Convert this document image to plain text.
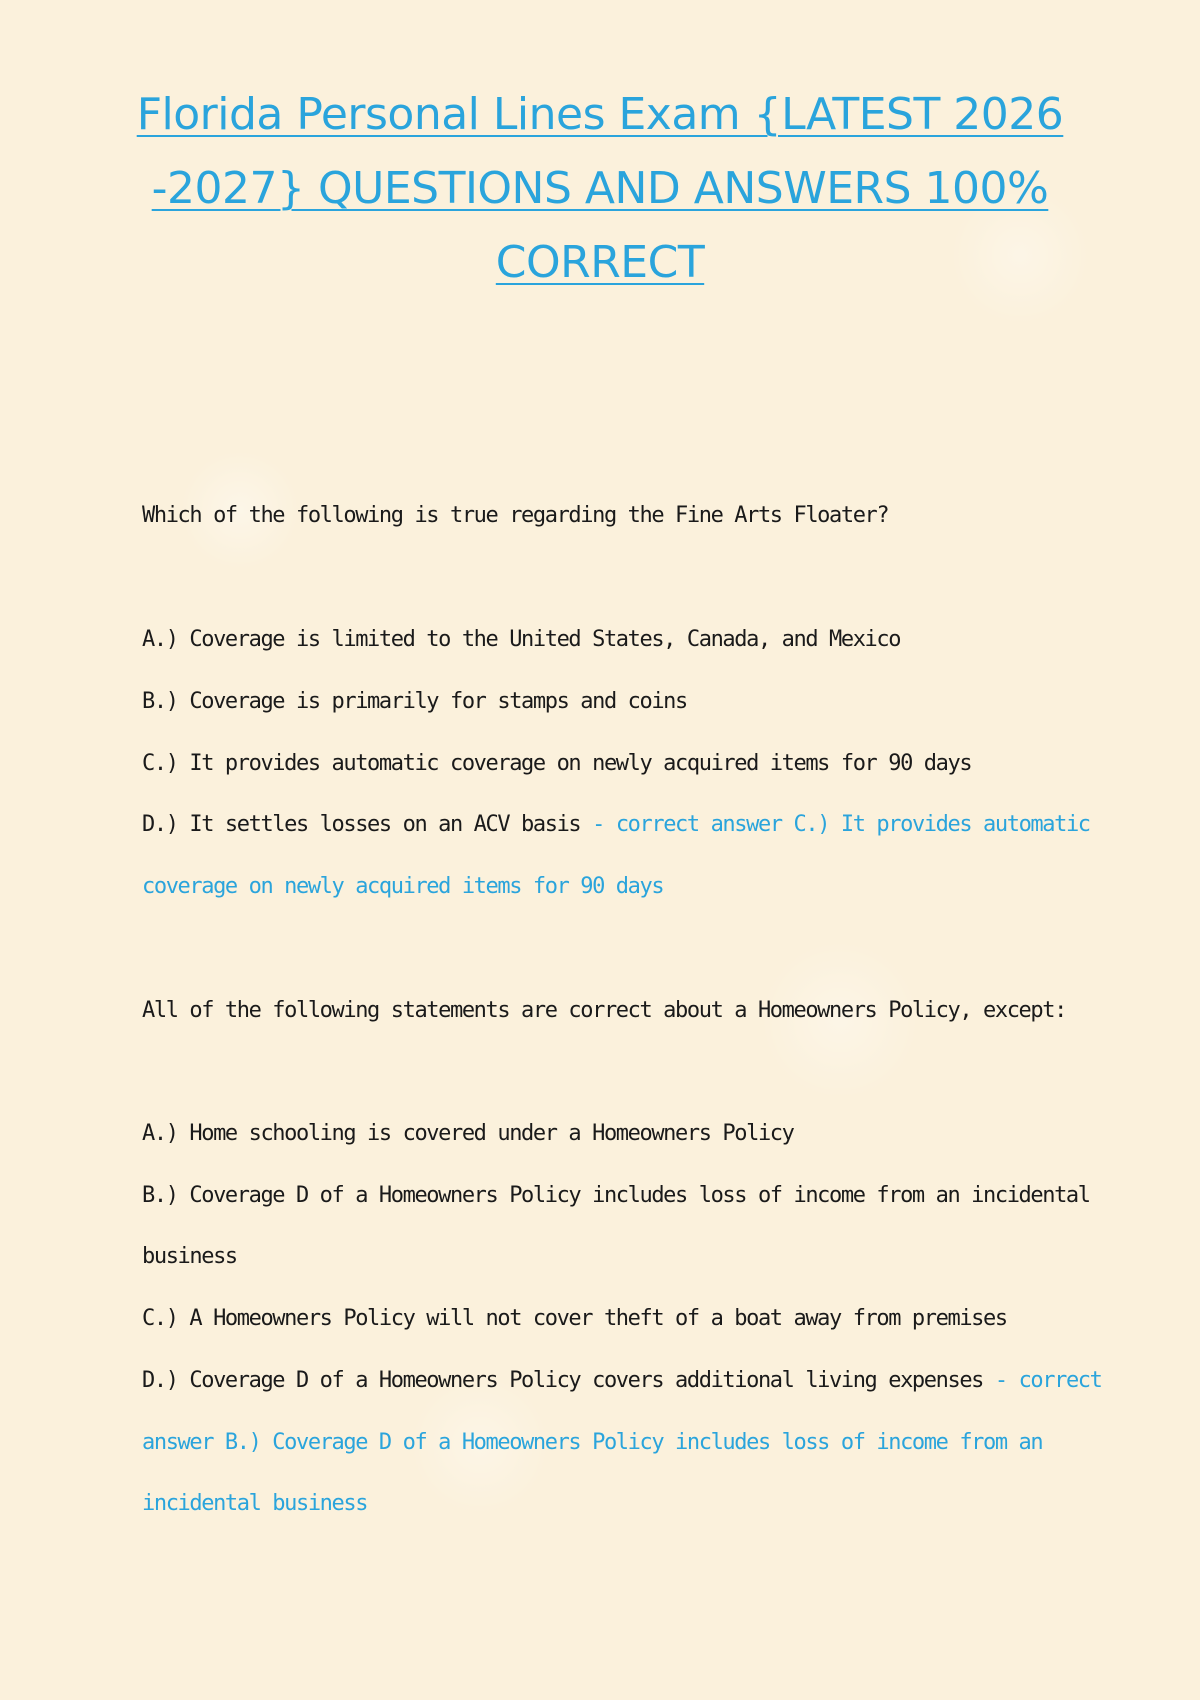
Florida Personal Lines Exam {LATEST 2026 -2027} QUESTIONS AND ANSWERS 100% CORRECT
Which of the following is true regarding the Fine Arts Floater?
A.) Coverage is limited to the United States, Canada, and Mexico
B.) Coverage is primarily for stamps and coins
C.) It provides automatic coverage on newly acquired items for 90 days
D.) It settles losses on an ACV basis - correct answer C.) It provides automatic
coverage on newly acquired items for 90 days
All of the following statements are correct about a Homeowners Policy, except:
A.) Home schooling is covered under a Homeowners Policy
B.) Coverage D of a Homeowners Policy includes loss of income from an incidental
business
C.) A Homeowners Policy will not cover theft of a boat away from premises
D.) Coverage D of a Homeowners Policy covers additional living expenses - correct
answer B.) Coverage D of a Homeowners Policy includes loss of income from an
incidental business
